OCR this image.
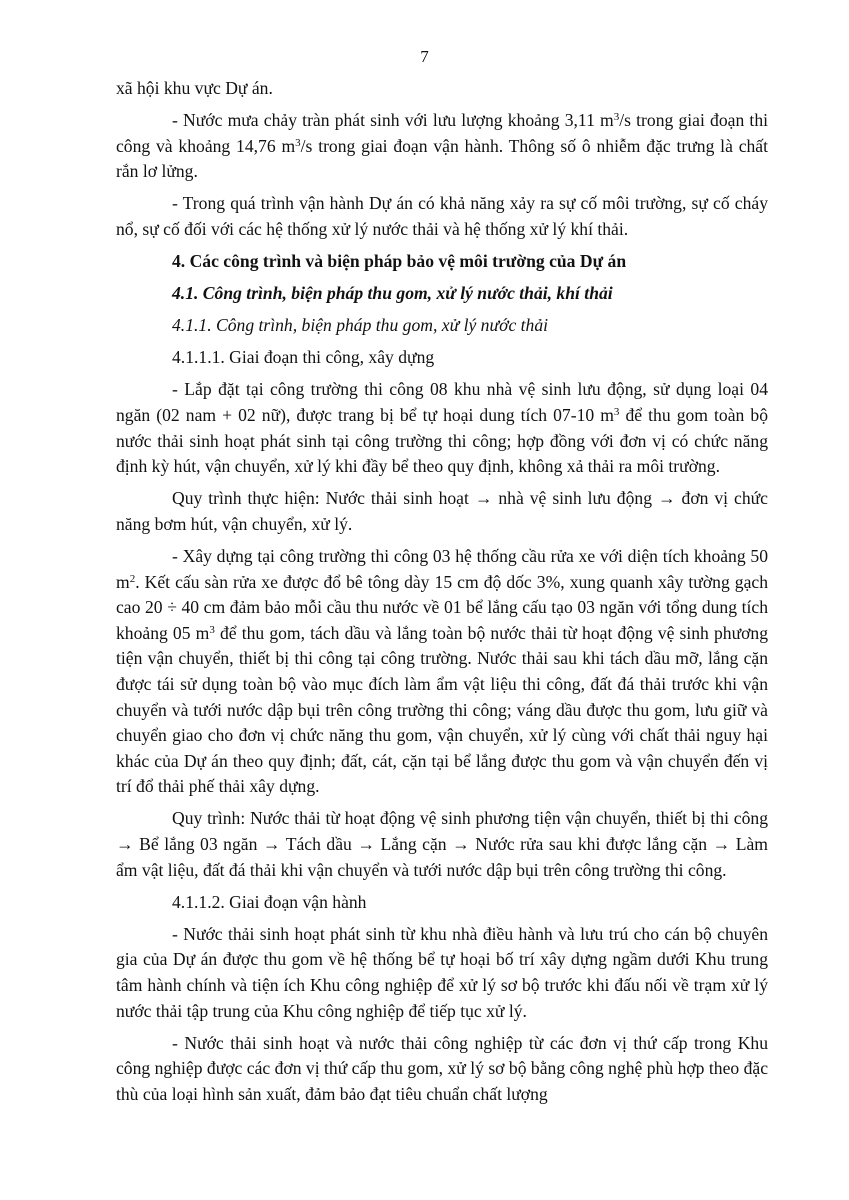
7

xã hội khu vực Dự án.

- Nước mưa chảy tràn phát sinh với lưu lượng khoảng 3,11 $m^3/s$ trong giai đoạn thi công và khoảng 14,76 $m^3/s$ trong giai đoạn vận hành. Thông số ô nhiễm đặc trưng là chất rắn lơ lửng.

- Trong quá trình vận hành Dự án có khả năng xảy ra sự cố môi trường, sự cố cháy nổ, sự cố đối với các hệ thống xử lý nước thải và hệ thống xử lý khí thải.

4. Các công trình và biện pháp bảo vệ môi trường của Dự án

4.1. Công trình, biện pháp thu gom, xử lý nước thải, khí thải

4.1.1. Công trình, biện pháp thu gom, xử lý nước thải

4.1.1.1. Giai đoạn thi công, xây dựng

- Lắp đặt tại công trường thi công 08 khu nhà vệ sinh lưu động, sử dụng loại 04 ngăn (02 nam + 02 nữ), được trang bị bể tự hoại dung tích 07-10 $m^3$ để thu gom toàn bộ nước thải sinh hoạt phát sinh tại công trường thi công; hợp đồng với đơn vị có chức năng định kỳ hút, vận chuyển, xử lý khi đầy bể theo quy định, không xả thải ra môi trường.

Quy trình thực hiện: Nước thải sinh hoạt → nhà vệ sinh lưu động → đơn vị chức năng bơm hút, vận chuyển, xử lý.

- Xây dựng tại công trường thi công 03 hệ thống cầu rửa xe với diện tích khoảng 50 $m^2$. Kết cấu sàn rửa xe được đổ bê tông dày 15 cm độ dốc 3%, xung quanh xây tường gạch cao 20 ÷ 40 cm đảm bảo mỗi cầu thu nước về 01 bể lắng cấu tạo 03 ngăn với tổng dung tích khoảng 05 $m^3$ để thu gom, tách dầu và lắng toàn bộ nước thải từ hoạt động vệ sinh phương tiện vận chuyển, thiết bị thi công tại công trường. Nước thải sau khi tách dầu mỡ, lắng cặn được tái sử dụng toàn bộ vào mục đích làm ẩm vật liệu thi công, đất đá thải trước khi vận chuyển và tưới nước dập bụi trên công trường thi công; váng dầu được thu gom, lưu giữ và chuyển giao cho đơn vị chức năng thu gom, vận chuyển, xử lý cùng với chất thải nguy hại khác của Dự án theo quy định; đất, cát, cặn tại bể lắng được thu gom và vận chuyển đến vị trí đổ thải phế thải xây dựng.

Quy trình: Nước thải từ hoạt động vệ sinh phương tiện vận chuyển, thiết bị thi công → Bể lắng 03 ngăn → Tách dầu → Lắng cặn → Nước rửa sau khi được lắng cặn → Làm ẩm vật liệu, đất đá thải khi vận chuyển và tưới nước dập bụi trên công trường thi công.

4.1.1.2. Giai đoạn vận hành

- Nước thải sinh hoạt phát sinh từ khu nhà điều hành và lưu trú cho cán bộ chuyên gia của Dự án được thu gom về hệ thống bể tự hoại bố trí xây dựng ngầm dưới Khu trung tâm hành chính và tiện ích Khu công nghiệp để xử lý sơ bộ trước khi đấu nối về trạm xử lý nước thải tập trung của Khu công nghiệp để tiếp tục xử lý.

- Nước thải sinh hoạt và nước thải công nghiệp từ các đơn vị thứ cấp trong Khu công nghiệp được các đơn vị thứ cấp thu gom, xử lý sơ bộ bằng công nghệ phù hợp theo đặc thù của loại hình sản xuất, đảm bảo đạt tiêu chuẩn chất lượng
